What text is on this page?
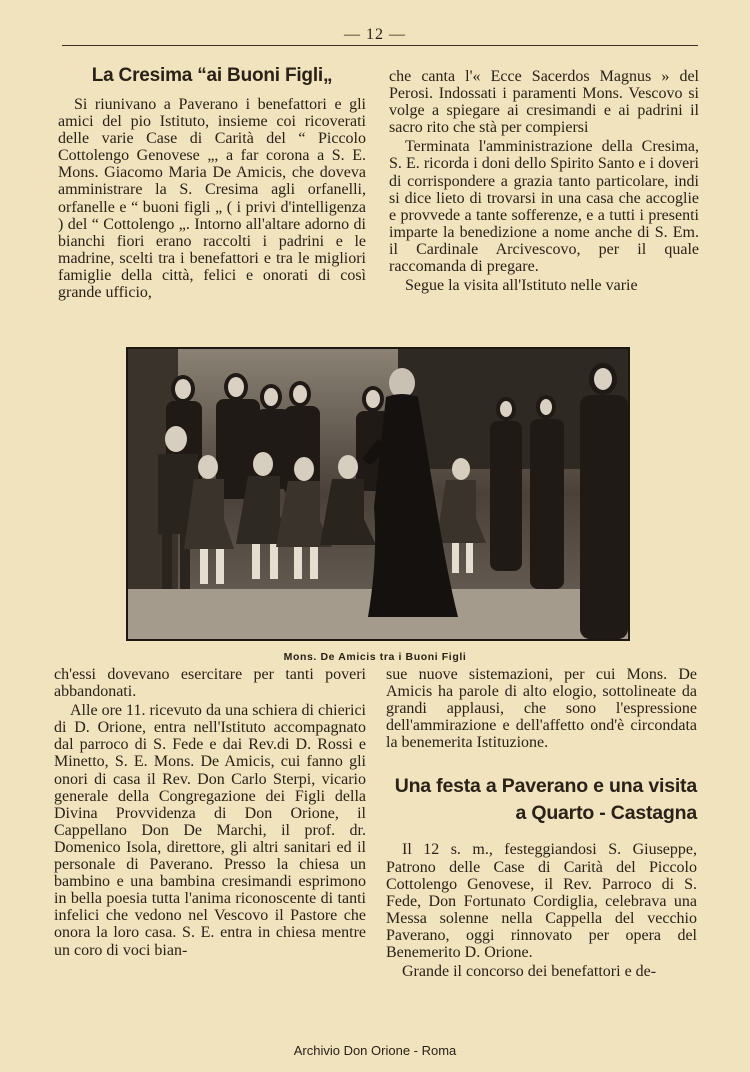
— 12 —
La Cresima “ai Buoni Figli„

Si riunivano a Paverano i benefattori e gli amici del pio Istituto, insieme coi ricoverati delle varie Case di Carità del “ Piccolo Cottolengo Genovese „, a far corona a S. E. Mons. Giacomo Maria De Amicis, che doveva amministrare la S. Cresima agli orfanelli, orfanelle e “ buoni figli „ ( i privi d'intelligenza ) del “ Cottolengo „. Intorno all'altare adorno di bianchi fiori erano raccolti i padrini e le madrine, scelti tra i benefattori e tra le migliori famiglie della città, felici e onorati di così grande ufficio,

che canta l'« Ecce Sacerdos Magnus » del Perosi. Indossati i paramenti Mons. Vescovo si volge a spiegare ai cresimandi e ai padrini il sacro rito che stà per compiersi

Terminata l'amministrazione della Cresima, S. E. ricorda i doni dello Spirito Santo e i doveri di corrispondere a grazia tanto particolare, indi si dice lieto di trovarsi in una casa che accoglie e provvede a tante sofferenze, e a tutti i presenti imparte la benedizione a nome anche di S. Em. il Cardinale Arcivescovo, per il quale raccomanda di pregare.

Segue la visita all'Istituto nelle varie

Mons. De Amicis tra i Buoni Figli

ch'essi dovevano esercitare per tanti poveri abbandonati.

Alle ore 11. ricevuto da una schiera di chierici di D. Orione, entra nell'Istituto accompagnato dal parroco di S. Fede e dai Rev.di D. Rossi e Minetto, S. E. Mons. De Amicis, cui fanno gli onori di casa il Rev. Don Carlo Sterpi, vicario generale della Congregazione dei Figli della Divina Provvidenza di Don Orione, il Cappellano Don De Marchi, il prof. dr. Domenico Isola, direttore, gli altri sanitari ed il personale di Paverano. Presso la chiesa un bambino e una bambina cresimandi esprimono in bella poesia tutta l'anima riconoscente di tanti infelici che vedono nel Vescovo il Pastore che onora la loro casa. S. E. entra in chiesa mentre un coro di voci bian-

sue nuove sistemazioni, per cui Mons. De Amicis ha parole di alto elogio, sottolineate da grandi applausi, che sono l'espressione dell'ammirazione e dell'affetto ond'è circondata la benemerita Istituzione.

Una festa a Paverano e una visita a Quarto - Castagna

Il 12 s. m., festeggiandosi S. Giuseppe, Patrono delle Case di Carità del Piccolo Cottolengo Genovese, il Rev. Parroco di S. Fede, Don Fortunato Cordiglia, celebrava una Messa solenne nella Cappella del vecchio Paverano, oggi rinnovato per opera del Benemerito D. Orione.

Grande il concorso dei benefattori e de-

Archivio Don Orione - Roma
